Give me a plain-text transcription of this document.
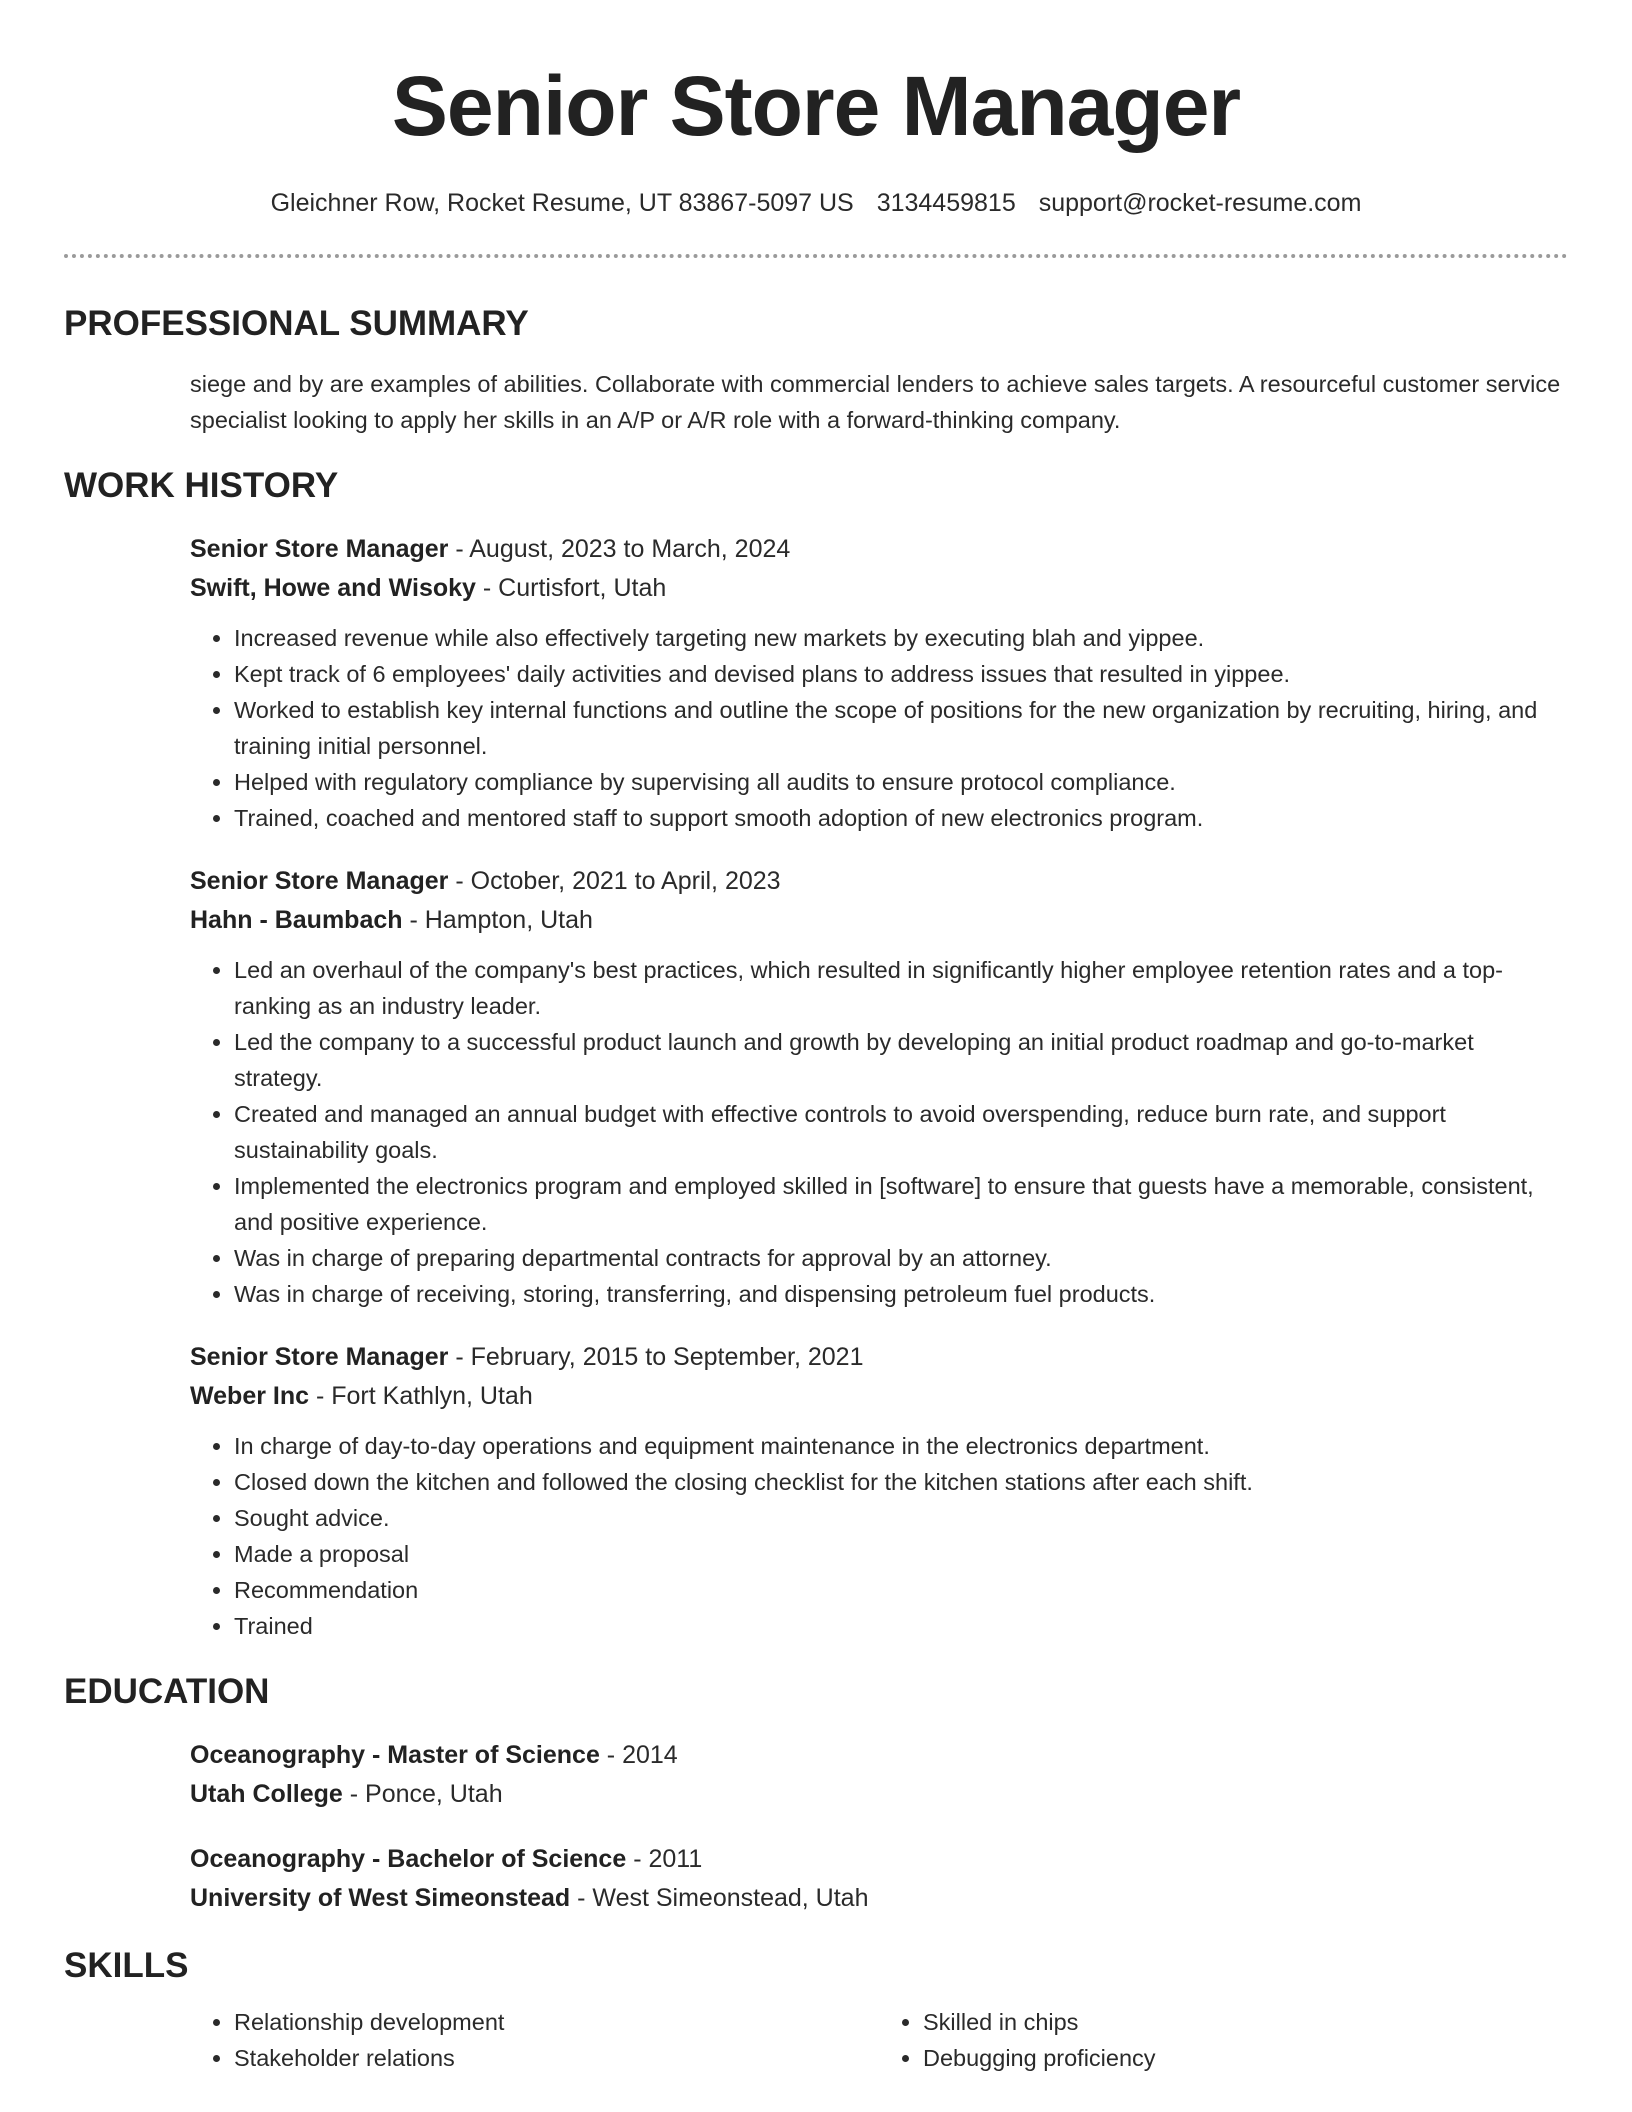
Senior Store Manager
Gleichner Row, Rocket Resume, UT 83867-5097 US 3134459815 support@rocket-resume.com
PROFESSIONAL SUMMARY
siege and by are examples of abilities. Collaborate with commercial lenders to achieve sales targets. A resourceful customer service specialist looking to apply her skills in an A/P or A/R role with a forward-thinking company.
WORK HISTORY
Senior Store Manager - August, 2023 to March, 2024
Swift, Howe and Wisoky - Curtisfort, Utah
• Increased revenue while also effectively targeting new markets by executing blah and yippee.
• Kept track of 6 employees' daily activities and devised plans to address issues that resulted in yippee.
• Worked to establish key internal functions and outline the scope of positions for the new organization by recruiting, hiring, and training initial personnel.
• Helped with regulatory compliance by supervising all audits to ensure protocol compliance.
• Trained, coached and mentored staff to support smooth adoption of new electronics program.
Senior Store Manager - October, 2021 to April, 2023
Hahn - Baumbach - Hampton, Utah
• Led an overhaul of the company's best practices, which resulted in significantly higher employee retention rates and a top-ranking as an industry leader.
• Led the company to a successful product launch and growth by developing an initial product roadmap and go-to-market strategy.
• Created and managed an annual budget with effective controls to avoid overspending, reduce burn rate, and support sustainability goals.
• Implemented the electronics program and employed skilled in [software] to ensure that guests have a memorable, consistent, and positive experience.
• Was in charge of preparing departmental contracts for approval by an attorney.
• Was in charge of receiving, storing, transferring, and dispensing petroleum fuel products.
Senior Store Manager - February, 2015 to September, 2021
Weber Inc - Fort Kathlyn, Utah
• In charge of day-to-day operations and equipment maintenance in the electronics department.
• Closed down the kitchen and followed the closing checklist for the kitchen stations after each shift.
• Sought advice.
• Made a proposal
• Recommendation
• Trained
EDUCATION
Oceanography - Master of Science - 2014
Utah College - Ponce, Utah
Oceanography - Bachelor of Science - 2011
University of West Simeonstead - West Simeonstead, Utah
SKILLS
• Relationship development
• Stakeholder relations
• Skilled in chips
• Debugging proficiency
